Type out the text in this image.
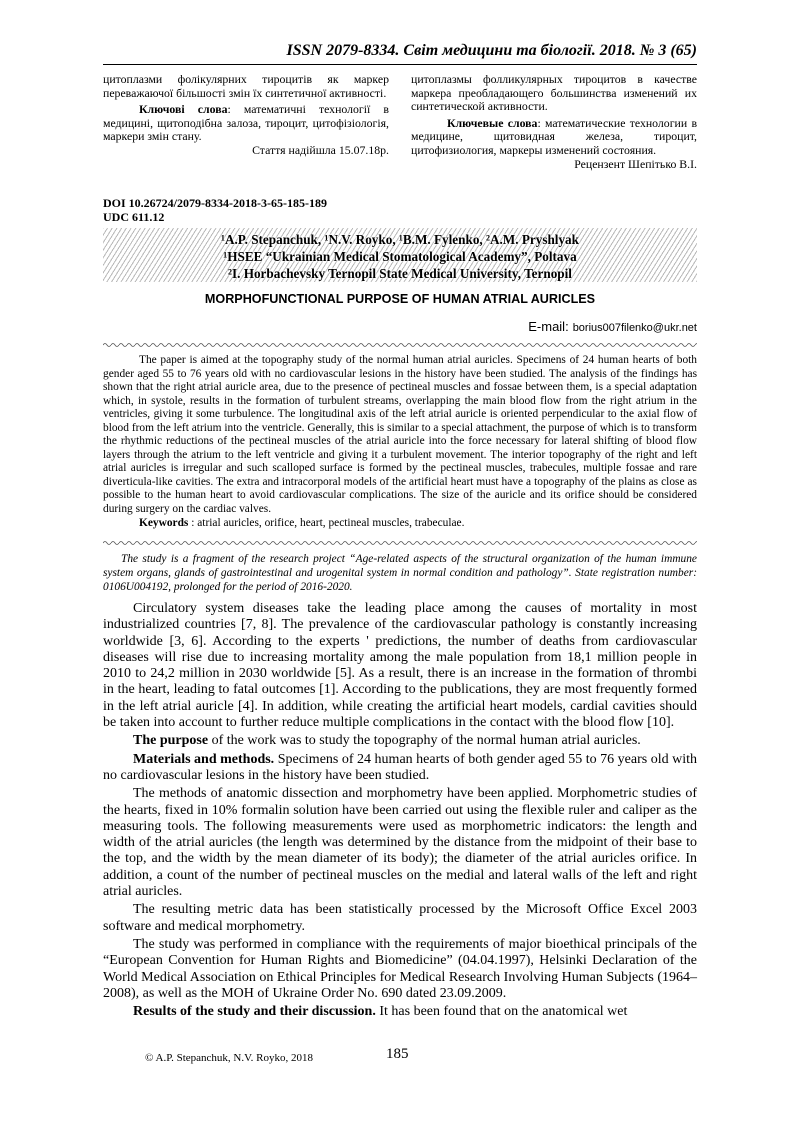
ISSN 2079-8334. Світ медицини та біології. 2018. № 3 (65)

цитоплазми фолікулярних тироцитів як маркер переважаючої більшості змін їх синтетичної активності.

Ключові слова: математичні технології в медицині, щитоподібна залоза, тироцит, цитофізіологія, маркери змін стану.

Стаття надійшла 15.07.18р.

цитоплазмы фолликулярных тироцитов в качестве маркера преобладающего большинства изменений их синтетической активности.

Ключевые слова: математические технологии в медицине, щитовидная железа, тироцит, цитофизиология, маркеры изменений состояния.

Рецензент Шепітько В.І.

DOI 10.26724/2079-8334-2018-3-65-185-189
UDC 611.12

¹A.P. Stepanchuk, ¹N.V. Royko, ¹B.M. Fylenko, ²A.M. Pryshlyak

¹HSEE “Ukrainian Medical Stomatological Academy”, Poltava

²I. Horbachevsky Ternopil State Medical University, Ternopil

MORPHOFUNCTIONAL PURPOSE OF HUMAN ATRIAL AURICLES
E-mail: borius007filenko@ukr.net

The paper is aimed at the topography study of the normal human atrial auricles. Specimens of 24 human hearts of both gender aged 55 to 76 years old with no cardiovascular lesions in the history have been studied. The analysis of the findings has shown that the right atrial auricle area, due to the presence of pectineal muscles and fossae between them, is a special adaptation which, in systole, results in the formation of turbulent streams, overlapping the main blood flow from the right atrium in the ventricles, giving it some turbulence. The longitudinal axis of the left atrial auricle is oriented perpendicular to the axial flow of blood from the left atrium into the ventricle. Generally, this is similar to a special attachment, the purpose of which is to transform the rhythmic reductions of the pectineal muscles of the atrial auricle into the force necessary for lateral shifting of blood flow layers through the atrium to the left ventricle and giving it a turbulent movement. The interior topography of the right and left atrial auricles is irregular and such scalloped surface is formed by the pectineal muscles, trabecules, multiple fossae and rare diverticula-like cavities. The extra and intracorporal models of the artificial heart must have a topography of the plains as close as possible to the human heart to avoid cardiovascular complications. The size of the auricle and its orifice should be considered during surgery on the cardiac valves.

Keywords : atrial auricles, orifice, heart, pectineal muscles, trabeculae.

The study is a fragment of the research project “Age-related aspects of the structural organization of the human immune system organs, glands of gastrointestinal and urogenital system in normal condition and pathology”. State registration number: 0106U004192, prolonged for the period of 2016-2020.

Circulatory system diseases take the leading place among the causes of mortality in most industrialized countries [7, 8]. The prevalence of the cardiovascular pathology is constantly increasing worldwide [3, 6]. According to the experts ' predictions, the number of deaths from cardiovascular diseases will rise due to increasing mortality among the male population from 18,1 million people in 2010 to 24,2 million in 2030 worldwide [5]. As a result, there is an increase in the formation of thrombi in the heart, leading to fatal outcomes [1]. According to the publications, they are most frequently formed in the left atrial auricle [4]. In addition, while creating the artificial heart models, cardial cavities should be taken into account to further reduce multiple complications in the contact with the blood flow [10].

The purpose of the work was to study the topography of the normal human atrial auricles.

Materials and methods. Specimens of 24 human hearts of both gender aged 55 to 76 years old with no cardiovascular lesions in the history have been studied.

The methods of anatomic dissection and morphometry have been applied. Morphometric studies of the hearts, fixed in 10% formalin solution have been carried out using the flexible ruler and caliper as the measuring tools. The following measurements were used as morphometric indicators: the length and width of the atrial auricles (the length was determined by the distance from the midpoint of their base to the top, and the width by the mean diameter of its body); the diameter of the atrial auricles orifice. In addition, a count of the number of pectineal muscles on the medial and lateral walls of the left and right atrial auricles.

The resulting metric data has been statistically processed by the Microsoft Office Excel 2003 software and medical morphometry.

The study was performed in compliance with the requirements of major bioethical principals of the “European Convention for Human Rights and Biomedicine” (04.04.1997), Helsinki Declaration of the World Medical Association on Ethical Principles for Medical Research Involving Human Subjects (1964–2008), as well as the MOH of Ukraine Order No. 690 dated 23.09.2009.

Results of the study and their discussion. It has been found that on the anatomical wet

© A.P. Stepanchuk, N.V. Royko, 2018	185
